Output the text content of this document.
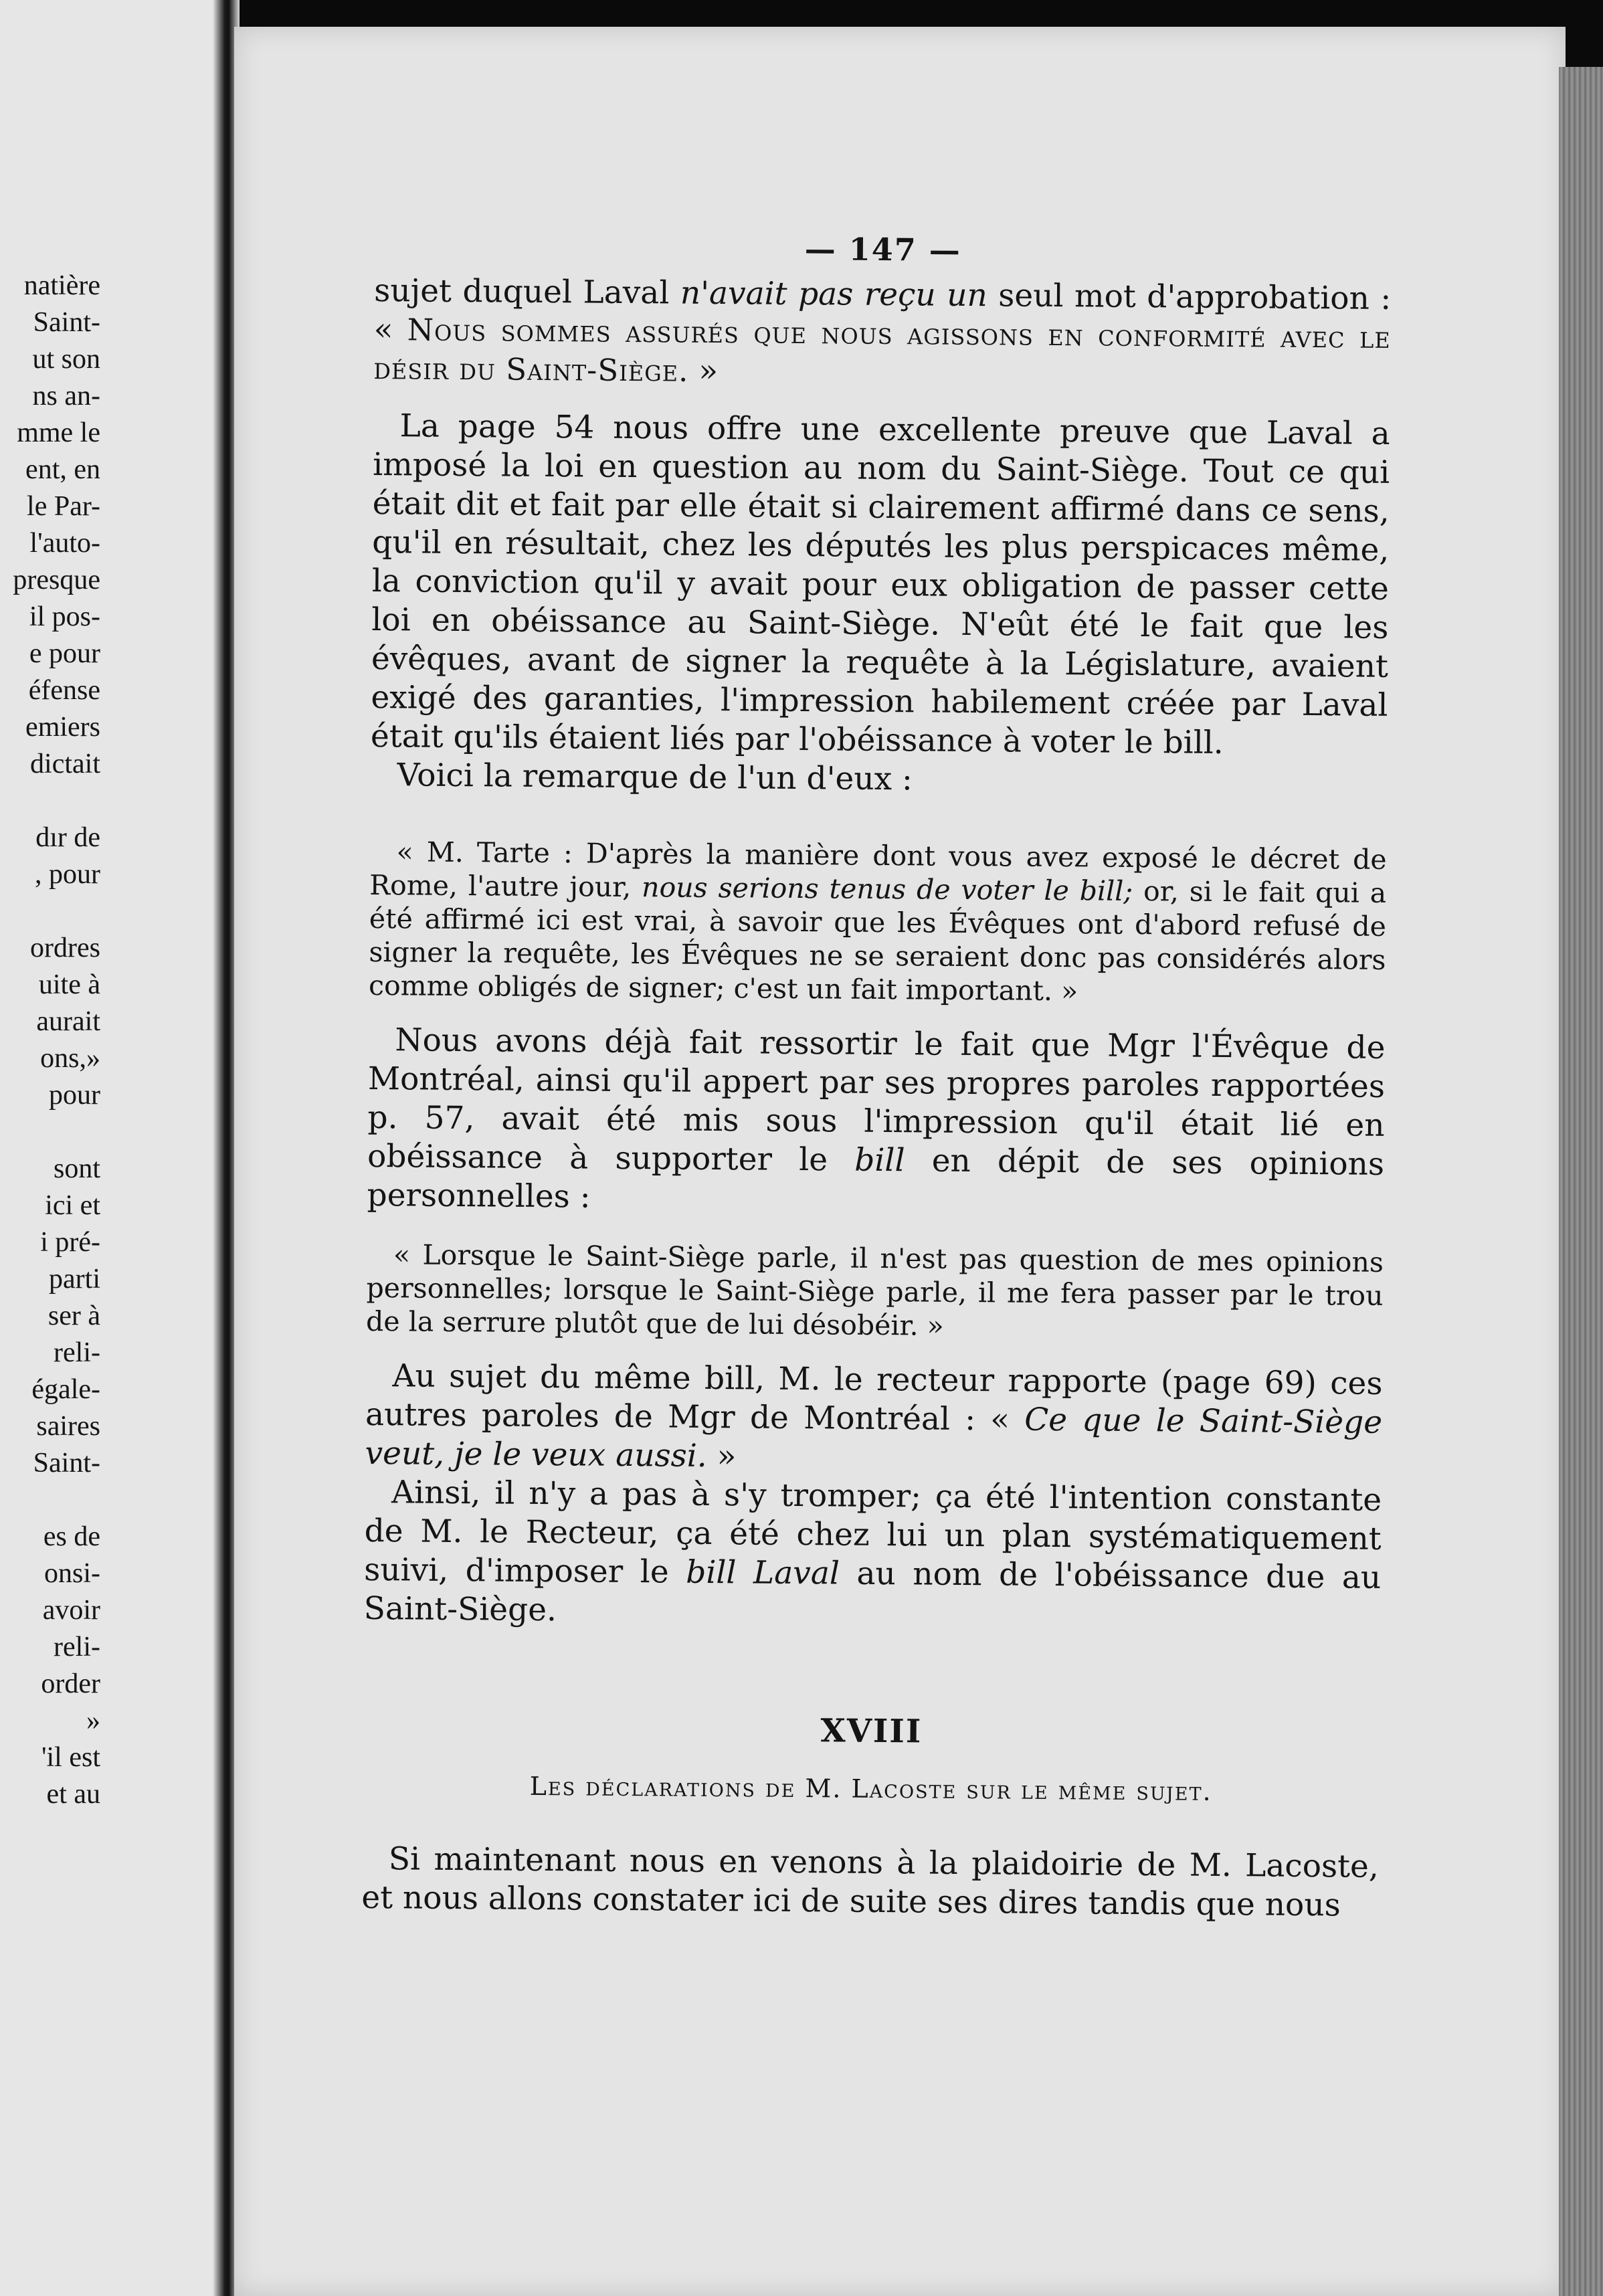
natière
Saint-
ut son
ns an-
mme le
ent, en
le Par-
l'auto-
presque
il pos-
e pour
éfense
emiers
dictait

dır de
, pour

ordres
uite à
aurait
ons,»
pour

sont
ici et
i pré-
parti
ser à
reli-
égale-
saires
Saint-

es de
onsi-
avoir
reli-
order
»
'il est
et au
— 147 —

sujet duquel Laval n'avait pas reçu un seul mot d'approbation : « Nous sommes assurés que nous agissons en conformité avec le désir du Saint-Siège. »

La page 54 nous offre une excellente preuve que Laval a imposé la loi en question au nom du Saint-Siège. Tout ce qui était dit et fait par elle était si clairement affirmé dans ce sens, qu'il en résultait, chez les députés les plus perspicaces même, la conviction qu'il y avait pour eux obligation de passer cette loi en obéissance au Saint-Siège. N'eût été le fait que les évêques, avant de signer la requête à la Législature, avaient exigé des garanties, l'impression habilement créée par Laval était qu'ils étaient liés par l'obéissance à voter le bill.

Voici la remarque de l'un d'eux :

« M. Tarte : D'après la manière dont vous avez exposé le décret de Rome, l'autre jour, nous serions tenus de voter le bill; or, si le fait qui a été affirmé ici est vrai, à savoir que les Évêques ont d'abord refusé de signer la requête, les Évêques ne se seraient donc pas considérés alors comme obligés de signer; c'est un fait important. »

Nous avons déjà fait ressortir le fait que Mgr l'Évêque de Montréal, ainsi qu'il appert par ses propres paroles rapportées p. 57, avait été mis sous l'impression qu'il était lié en obéissance à supporter le bill en dépit de ses opinions personnelles :

« Lorsque le Saint-Siège parle, il n'est pas question de mes opinions personnelles; lorsque le Saint-Siège parle, il me fera passer par le trou de la serrure plutôt que de lui désobéir. »

Au sujet du même bill, M. le recteur rapporte (page 69) ces autres paroles de Mgr de Montréal : « Ce que le Saint-Siège veut, je le veux aussi. »

Ainsi, il n'y a pas à s'y tromper; ça été l'intention constante de M. le Recteur, ça été chez lui un plan systématiquement suivi, d'imposer le bill Laval au nom de l'obéissance due au Saint-Siège.

XVIII
Les déclarations de M. Lacoste sur le même sujet.

Si maintenant nous en venons à la plaidoirie de M. Lacoste, et nous allons constater ici de suite ses dires tandis que nous
